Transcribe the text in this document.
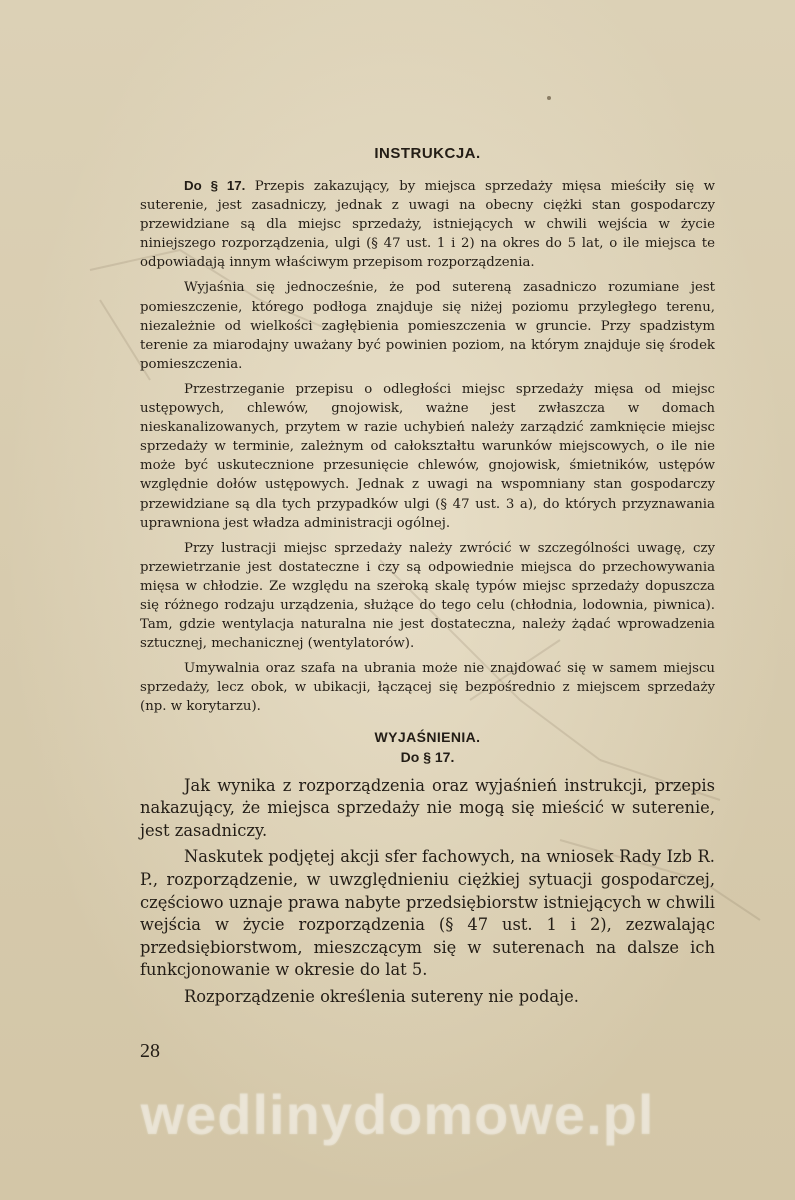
INSTRUKCJA.

Do § 17. Przepis zakazujący, by miejsca sprzedaży mięsa mieściły się w suterenie, jest zasadniczy, jednak z uwagi na obecny ciężki stan gospodarczy przewidziane są dla miejsc sprzedaży, istniejących w chwili wejścia w życie niniejszego rozporządzenia, ulgi (§ 47 ust. 1 i 2) na okres do 5 lat, o ile miejsca te odpowiadają innym właściwym przepisom rozporządzenia.

Wyjaśnia się jednocześnie, że pod sutereną zasadniczo rozumiane jest pomieszczenie, którego podłoga znajduje się niżej poziomu przyległego terenu, niezależnie od wielkości zagłębienia pomieszczenia w gruncie. Przy spadzistym terenie za miarodajny uważany być powinien poziom, na którym znajduje się środek pomieszczenia.

Przestrzeganie przepisu o odległości miejsc sprzedaży mięsa od miejsc ustępowych, chlewów, gnojowisk, ważne jest zwłaszcza w domach nieskanalizowanych, przytem w razie uchybień należy zarządzić zamknięcie miejsc sprzedaży w terminie, zależnym od całokształtu warunków miejscowych, o ile nie może być uskutecznione przesunięcie chlewów, gnojowisk, śmietników, ustępów względnie dołów ustępowych. Jednak z uwagi na wspomniany stan gospodarczy przewidziane są dla tych przypadków ulgi (§ 47 ust. 3 a), do których przyznawania uprawniona jest władza administracji ogólnej.

Przy lustracji miejsc sprzedaży należy zwrócić w szczególności uwagę, czy przewietrzanie jest dostateczne i czy są odpowiednie miejsca do przechowywania mięsa w chłodzie. Ze względu na szeroką skalę typów miejsc sprzedaży dopuszcza się różnego rodzaju urządzenia, służące do tego celu (chłodnia, lodownia, piwnica). Tam, gdzie wentylacja naturalna nie jest dostateczna, należy żądać wprowadzenia sztucznej, mechanicznej (wentylatorów).

Umywalnia oraz szafa na ubrania może nie znajdować się w samem miejscu sprzedaży, lecz obok, w ubikacji, łączącej się bezpośrednio z miejscem sprzedaży (np. w korytarzu).

WYJAŚNIENIA.
Do § 17.

Jak wynika z rozporządzenia oraz wyjaśnień instrukcji, przepis nakazujący, że miejsca sprzedaży nie mogą się mieścić w suterenie, jest zasadniczy.

Naskutek podjętej akcji sfer fachowych, na wniosek Rady Izb R. P., rozporządzenie, w uwzględnieniu ciężkiej sytuacji gospodarczej, częściowo uznaje prawa nabyte przedsiębiorstw istniejących w chwili wejścia w życie rozporządzenia (§ 47 ust. 1 i 2), zezwalając przedsiębiorstwom, mieszczącym się w suterenach na dalsze ich funkcjonowanie w okresie do lat 5.

Rozporządzenie określenia sutereny nie podaje.

28
wedlinydomowe.pl
